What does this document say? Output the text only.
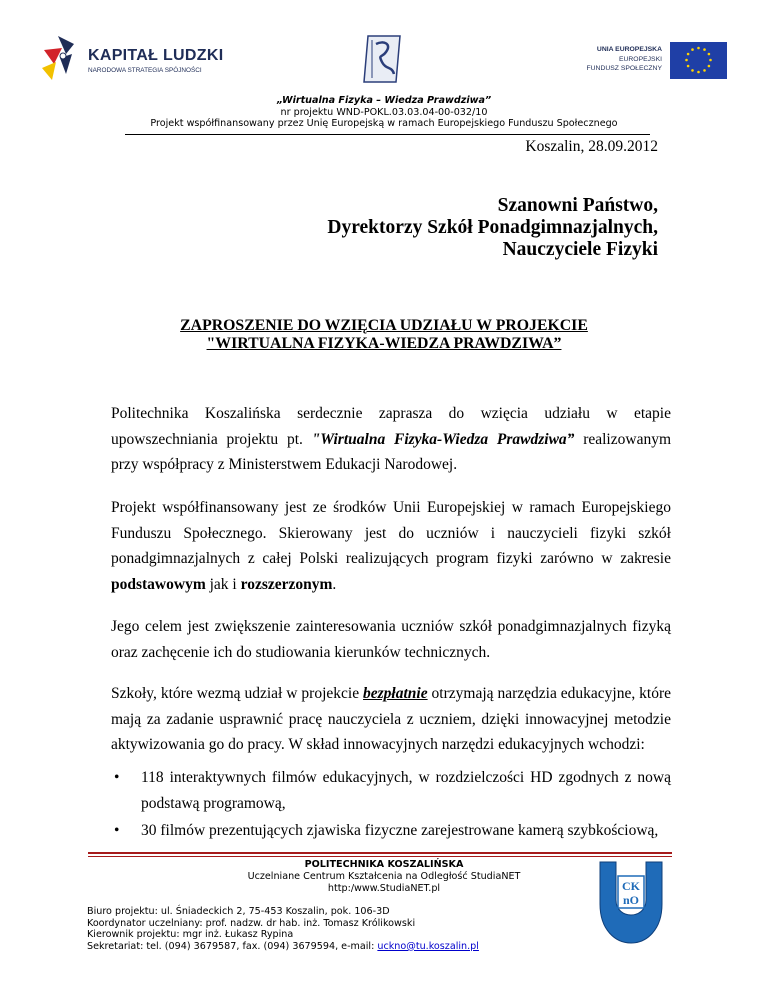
KAPITAŁ LUDZKI
NARODOWA STRATEGIA SPÓJNOŚCI
UNIA EUROPEJSKA
EUROPEJSKI
FUNDUSZ SPOŁECZNY
„Wirtualna Fizyka – Wiedza Prawdziwa”
nr projektu WND-POKL.03.03.04-00-032/10
Projekt współfinansowany przez Unię Europejską w ramach Europejskiego Funduszu Społecznego
Koszalin, 28.09.2012
Szanowni Państwo,
Dyrektorzy Szkół Ponadgimnazjalnych,
Nauczyciele Fizyki
ZAPROSZENIE DO WZIĘCIA UDZIAŁU W PROJEKCIE
"WIRTUALNA FIZYKA-WIEDZA PRAWDZIWA”

Politechnika Koszalińska serdecznie zaprasza do wzięcia udziału w etapie upowszechniania projektu pt. "Wirtualna Fizyka-Wiedza Prawdziwa” realizowanym przy współpracy z Ministerstwem Edukacji Narodowej.

Projekt współfinansowany jest ze środków Unii Europejskiej w ramach Europejskiego Funduszu Społecznego. Skierowany jest do uczniów i nauczycieli fizyki szkół ponadgimnazjalnych z całej Polski realizujących program fizyki zarówno w zakresie podstawowym jak i rozszerzonym.

Jego celem jest zwiększenie zainteresowania uczniów szkół ponadgimnazjalnych fizyką oraz zachęcenie ich do studiowania kierunków technicznych.

Szkoły, które wezmą udział w projekcie bezpłatnie otrzymają narzędzia edukacyjne, które mają za zadanie usprawnić pracę nauczyciela z uczniem, dzięki innowacyjnej metodzie aktywizowania go do pracy. W skład innowacyjnych narzędzi edukacyjnych wchodzi:

• 118 interaktywnych filmów edukacyjnych, w rozdzielczości HD zgodnych z nową podstawą programową,
• 30 filmów prezentujących zjawiska fizyczne zarejestrowane kamerą szybkościową,
POLITECHNIKA KOSZALIŃSKA
Uczelniane Centrum Kształcenia na Odległość StudiaNET
http:/www.StudiaNET.pl
Biuro projektu: ul. Śniadeckich 2, 75-453 Koszalin, pok. 106-3D
Koordynator uczelniany: prof. nadzw. dr hab. inż. Tomasz Królikowski
Kierownik projektu: mgr inż. Łukasz Rypina
Sekretariat: tel. (094) 3679587, fax. (094) 3679594, e-mail: uckno@tu.koszalin.pl
CK
nO
